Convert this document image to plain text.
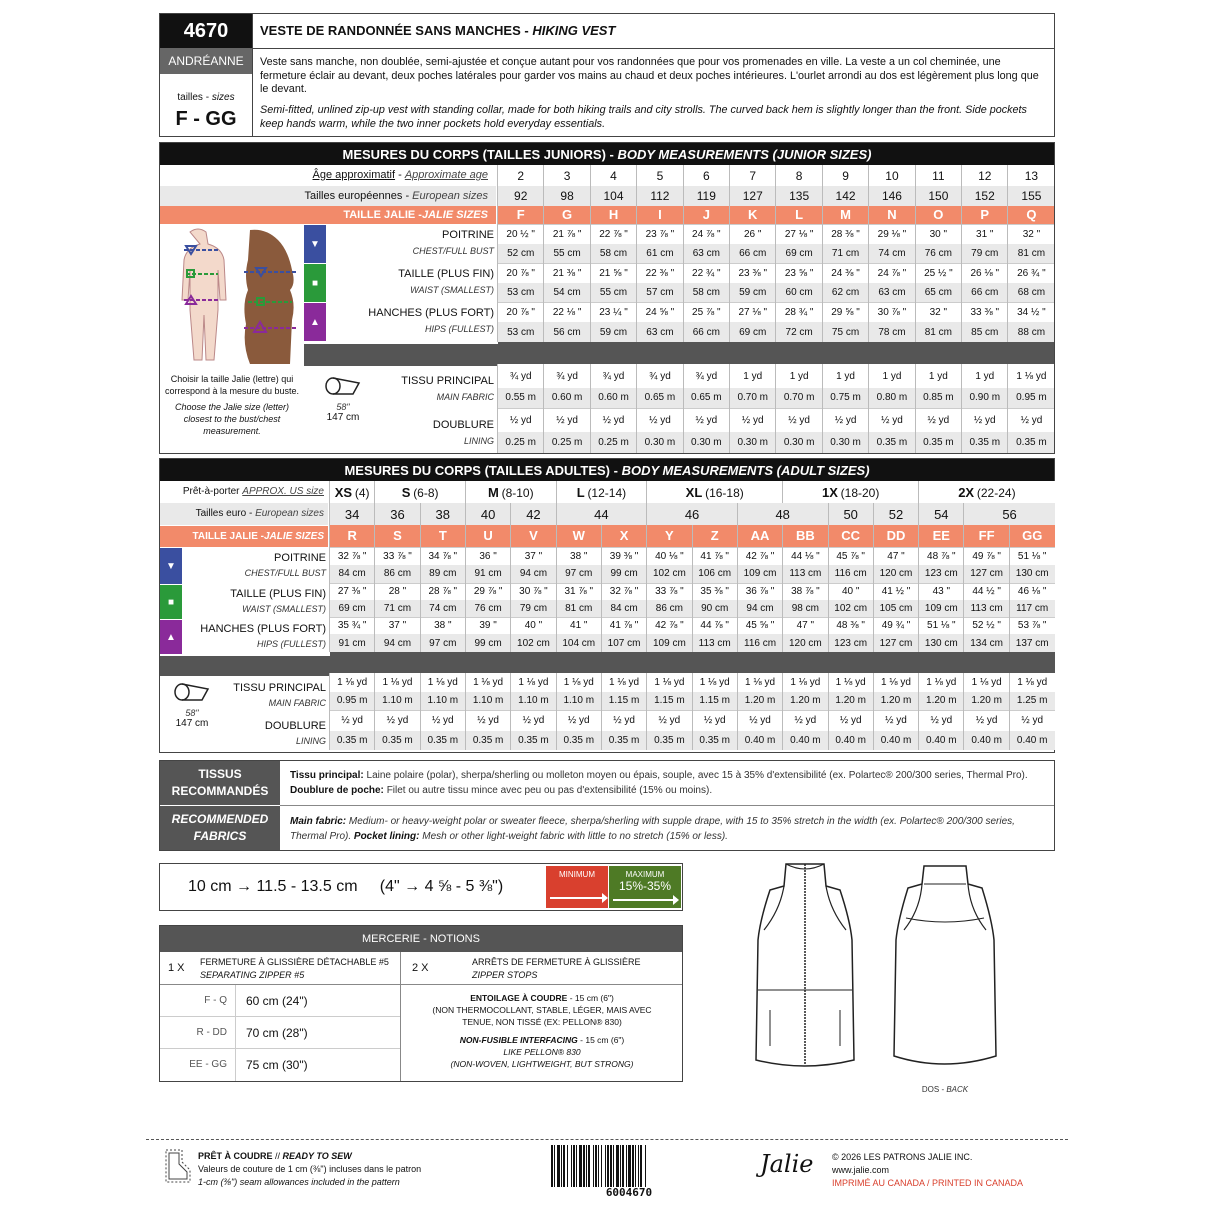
4670
ANDRÉANNE
tailles - sizes
F - GG
VESTE DE RANDONNÉE SANS MANCHES - HIKING VEST
Veste sans manche, non doublée, semi-ajustée et conçue autant pour vos randonnées que pour vos promenades en ville. La veste a un col cheminée, une fermeture éclair au devant, deux poches latérales pour garder vos mains au chaud et deux poches intérieures. L'ourlet arrondi au dos est légèrement plus long que le devant.
Semi-fitted, unlined zip-up vest with standing collar, made for both hiking trails and city strolls. The curved back hem is slightly longer than the front. Side pockets keep hands warm, while the two inner pockets hold everyday essentials.
MESURES DU CORPS (TAILLES JUNIORS) - BODY MEASUREMENTS (JUNIOR SIZES)
Âge approximatif - Approximate age
Tailles européennes - European sizes
TAILLE JALIE -JALIE SIZES
▼
■
▲
POITRINE
CHEST/FULL BUST
TAILLE (PLUS FIN)
WAIST (SMALLEST)
HANCHES (PLUS FORT)
HIPS (FULLEST)
Choisir la taille Jalie (lettre) qui correspond à la mesure du buste.
Choose the Jalie size (letter) closest to the bust/chest measurement.
58"
147 cm
TISSU PRINCIPAL
MAIN FABRIC
DOUBLURE
LINING
2	3	4	5	6	7	8	9	10	11	12	13
92	98	104	112	119	127	135	142	146	150	152	155
F	G	H	I	J	K	L	M	N	O	P	Q
20 ½ "	21 ⅞ "	22 ⅞ "	23 ⅞ "	24 ⅞ "	26 "	27 ⅛ "	28 ⅜ "	29 ⅛ "	30 "	31 "	32 "
52 cm	55 cm	58 cm	61 cm	63 cm	66 cm	69 cm	71 cm	74 cm	76 cm	79 cm	81 cm
20 ⅞ "	21 ⅜ "	21 ⅝ "	22 ⅜ "	22 ¾ "	23 ⅜ "	23 ⅝ "	24 ⅜ "	24 ⅞ "	25 ½ "	26 ⅛ "	26 ¾ "
53 cm	54 cm	55 cm	57 cm	58 cm	59 cm	60 cm	62 cm	63 cm	65 cm	66 cm	68 cm
20 ⅞ "	22 ⅛ "	23 ¼ "	24 ⅝ "	25 ⅞ "	27 ⅛ "	28 ¾ "	29 ⅝ "	30 ⅞ "	32 "	33 ⅜ "	34 ½ "
53 cm	56 cm	59 cm	63 cm	66 cm	69 cm	72 cm	75 cm	78 cm	81 cm	85 cm	88 cm

¾ yd	¾ yd	¾ yd	¾ yd	¾ yd	1 yd	1 yd	1 yd	1 yd	1 yd	1 yd	1 ⅛ yd
0.55 m	0.60 m	0.60 m	0.65 m	0.65 m	0.70 m	0.70 m	0.75 m	0.80 m	0.85 m	0.90 m	0.95 m
½ yd	½ yd	½ yd	½ yd	½ yd	½ yd	½ yd	½ yd	½ yd	½ yd	½ yd	½ yd
0.25 m	0.25 m	0.25 m	0.30 m	0.30 m	0.30 m	0.30 m	0.30 m	0.35 m	0.35 m	0.35 m	0.35 m
MESURES DU CORPS (TAILLES ADULTES) - BODY MEASUREMENTS (ADULT SIZES)
Prêt-à-porter APPROX. US size
Tailles euro - European sizes
TAILLE JALIE -JALIE SIZES
▼
■
▲
POITRINE
CHEST/FULL BUST
TAILLE (PLUS FIN)
WAIST (SMALLEST)
HANCHES (PLUS FORT)
HIPS (FULLEST)
58"
147 cm
TISSU PRINCIPAL
MAIN FABRIC
DOUBLURE
LINING
XS (4)	S (6-8)		M (8-10)		L (12-14)		XL (16-18)			1X (18-20)			2X (22-24)		
34	36	38	40	42	44		46		48		50	52	54	56	
R	S	T	U	V	W	X	Y	Z	AA	BB	CC	DD	EE	FF	GG
32 ⅞ "	33 ⅞ "	34 ⅞ "	36 "	37 "	38 "	39 ⅜ "	40 ⅛ "	41 ⅞ "	42 ⅞ "	44 ⅛ "	45 ⅞ "	47 "	48 ⅞ "	49 ⅞ "	51 ⅛ "
84 cm	86 cm	89 cm	91 cm	94 cm	97 cm	99 cm	102 cm	106 cm	109 cm	113 cm	116 cm	120 cm	123 cm	127 cm	130 cm
27 ⅜ "	28 "	28 ⅞ "	29 ⅞ "	30 ⅞ "	31 ⅞ "	32 ⅞ "	33 ⅞ "	35 ⅜ "	36 ⅞ "	38 ⅞ "	40 "	41 ½ "	43 "	44 ½ "	46 ⅛ "
69 cm	71 cm	74 cm	76 cm	79 cm	81 cm	84 cm	86 cm	90 cm	94 cm	98 cm	102 cm	105 cm	109 cm	113 cm	117 cm
35 ¾ "	37 "	38 "	39 "	40 "	41 "	41 ⅞ "	42 ⅞ "	44 ⅞ "	45 ⅝ "	47 "	48 ⅜ "	49 ¾ "	51 ⅛ "	52 ½ "	53 ⅞ "
91 cm	94 cm	97 cm	99 cm	102 cm	104 cm	107 cm	109 cm	113 cm	116 cm	120 cm	123 cm	127 cm	130 cm	134 cm	137 cm

1 ⅛ yd	1 ⅛ yd	1 ⅛ yd	1 ⅛ yd	1 ⅛ yd	1 ⅛ yd	1 ⅛ yd	1 ⅛ yd	1 ⅛ yd	1 ⅛ yd	1 ⅛ yd	1 ⅛ yd	1 ⅛ yd	1 ⅛ yd	1 ⅛ yd	1 ⅛ yd
0.95 m	1.10 m	1.10 m	1.10 m	1.10 m	1.10 m	1.15 m	1.15 m	1.15 m	1.20 m	1.20 m	1.20 m	1.20 m	1.20 m	1.20 m	1.25 m
½ yd	½ yd	½ yd	½ yd	½ yd	½ yd	½ yd	½ yd	½ yd	½ yd	½ yd	½ yd	½ yd	½ yd	½ yd	½ yd
0.35 m	0.35 m	0.35 m	0.35 m	0.35 m	0.35 m	0.35 m	0.35 m	0.35 m	0.40 m	0.40 m	0.40 m	0.40 m	0.40 m	0.40 m	0.40 m
TISSUS RECOMMANDÉS
RECOMMENDED FABRICS
Tissu principal: Laine polaire (polar), sherpa/sherling ou molleton moyen ou épais, souple, avec 15 à 35% d'extensibilité (ex. Polartec® 200/300 series, Thermal Pro). Doublure de poche: Filet ou autre tissu mince avec peu ou pas d'extensibilité (15% ou moins).
Main fabric: Medium- or heavy-weight polar or sweater fleece, sherpa/sherling with supple drape, with 15 to 35% stretch in the width (ex. Polartec® 200/300 series, Thermal Pro). Pocket lining: Mesh or other light-weight fabric with little to no stretch (15% or less).
10 cm → 11.5 - 13.5 cm (4" → 4 ⅝ - 5 ⅜")
MINIMUM	MAXIMUM
15%-35%
MERCERIE - NOTIONS
1 X FERMETURE À GLISSIÈRE DÉTACHABLE #5
SEPARATING ZIPPER #5
2 X	ARRÊTS DE FERMETURE À GLISSIÈRE
ZIPPER STOPS
F - Q	60 cm (24")
R - DD	70 cm (28")
EE - GG	75 cm (30")
ENTOILAGE À COUDRE - 15 cm (6")
(NON THERMOCOLLANT, STABLE, LÉGER, MAIS AVEC TENUE, NON TISSÉ (EX: PELLON® 830)
NON-FUSIBLE INTERFACING - 15 cm (6")
LIKE PELLON® 830
(NON-WOVEN, LIGHTWEIGHT, BUT STRONG)
DOS - BACK
PRÊT À COUDRE // READY TO SEW
Valeurs de couture de 1 cm (⅜") incluses dans le patron
1-cm (⅜") seam allowances included in the pattern
6004670
Jalie © 2026 LES PATRONS JALIE INC.
www.jalie.com
IMPRIMÉ AU CANADA / PRINTED IN CANADA
